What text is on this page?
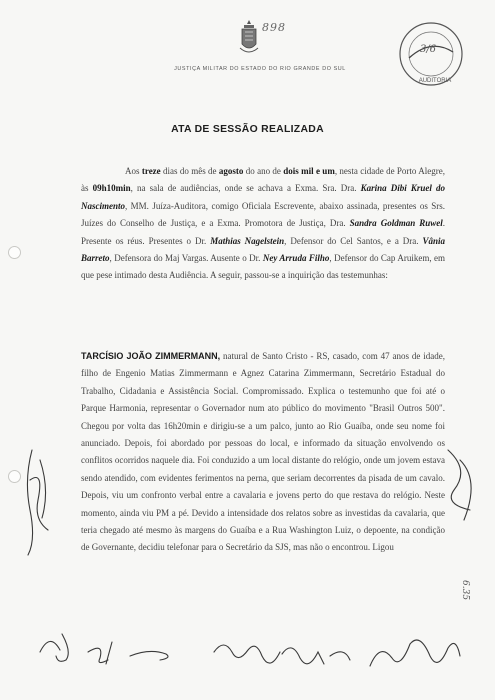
898
JUSTIÇA MILITAR DO ESTADO DO RIO GRANDE DO SUL
AUDITORIA
3/6
ATA DE SESSÃO REALIZADA
Aos treze dias do mês de agosto do ano de dois mil e um, nesta cidade de Porto Alegre, às 09h10min, na sala de audiências, onde se achava a Exma. Sra. Dra. Karina Dibi Kruel do Nascimento, MM. Juíza-Auditora, comigo Oficiala Escrevente, abaixo assinada, presentes os Srs. Juízes do Conselho de Justiça, e a Exma. Promotora de Justiça, Dra. Sandra Goldman Ruwel. Presente os réus. Presentes o Dr. Mathias Nagelstein, Defensor do Cel Santos, e a Dra. Vânia Barreto, Defensora do Maj Vargas. Ausente o Dr. Ney Arruda Filho, Defensor do Cap Aruikem, em que pese intimado desta Audiência. A seguir, passou-se a inquirição das testemunhas:
TARCÍSIO JOÃO ZIMMERMANN, natural de Santo Cristo - RS, casado, com 47 anos de idade, filho de Engenio Matias Zimmermann e Agnez Catarina Zimmermann, Secretário Estadual do Trabalho, Cidadania e Assistência Social. Compromissado. Explica o testemunho que foi até o Parque Harmonia, representar o Governador num ato público do movimento "Brasil Outros 500". Chegou por volta das 16h20min e dirigiu-se a um palco, junto ao Rio Guaíba, onde seu nome foi anunciado. Depois, foi abordado por pessoas do local, e informado da situação envolvendo os conflitos ocorridos naquele dia. Foi conduzido a um local distante do relógio, onde um jovem estava sendo atendido, com evidentes ferimentos na perna, que seriam decorrentes da pisada de um cavalo. Depois, viu um confronto verbal entre a cavalaria e jovens perto do que restava do relógio. Neste momento, ainda viu PM a pé. Devido a intensidade dos relatos sobre as investidas da cavalaria, que teria chegado até mesmo às margens do Guaíba e a Rua Washington Luiz, o depoente, na condição de Governante, decidiu telefonar para o Secretário da SJS, mas não o encontrou. Ligou
6.35
